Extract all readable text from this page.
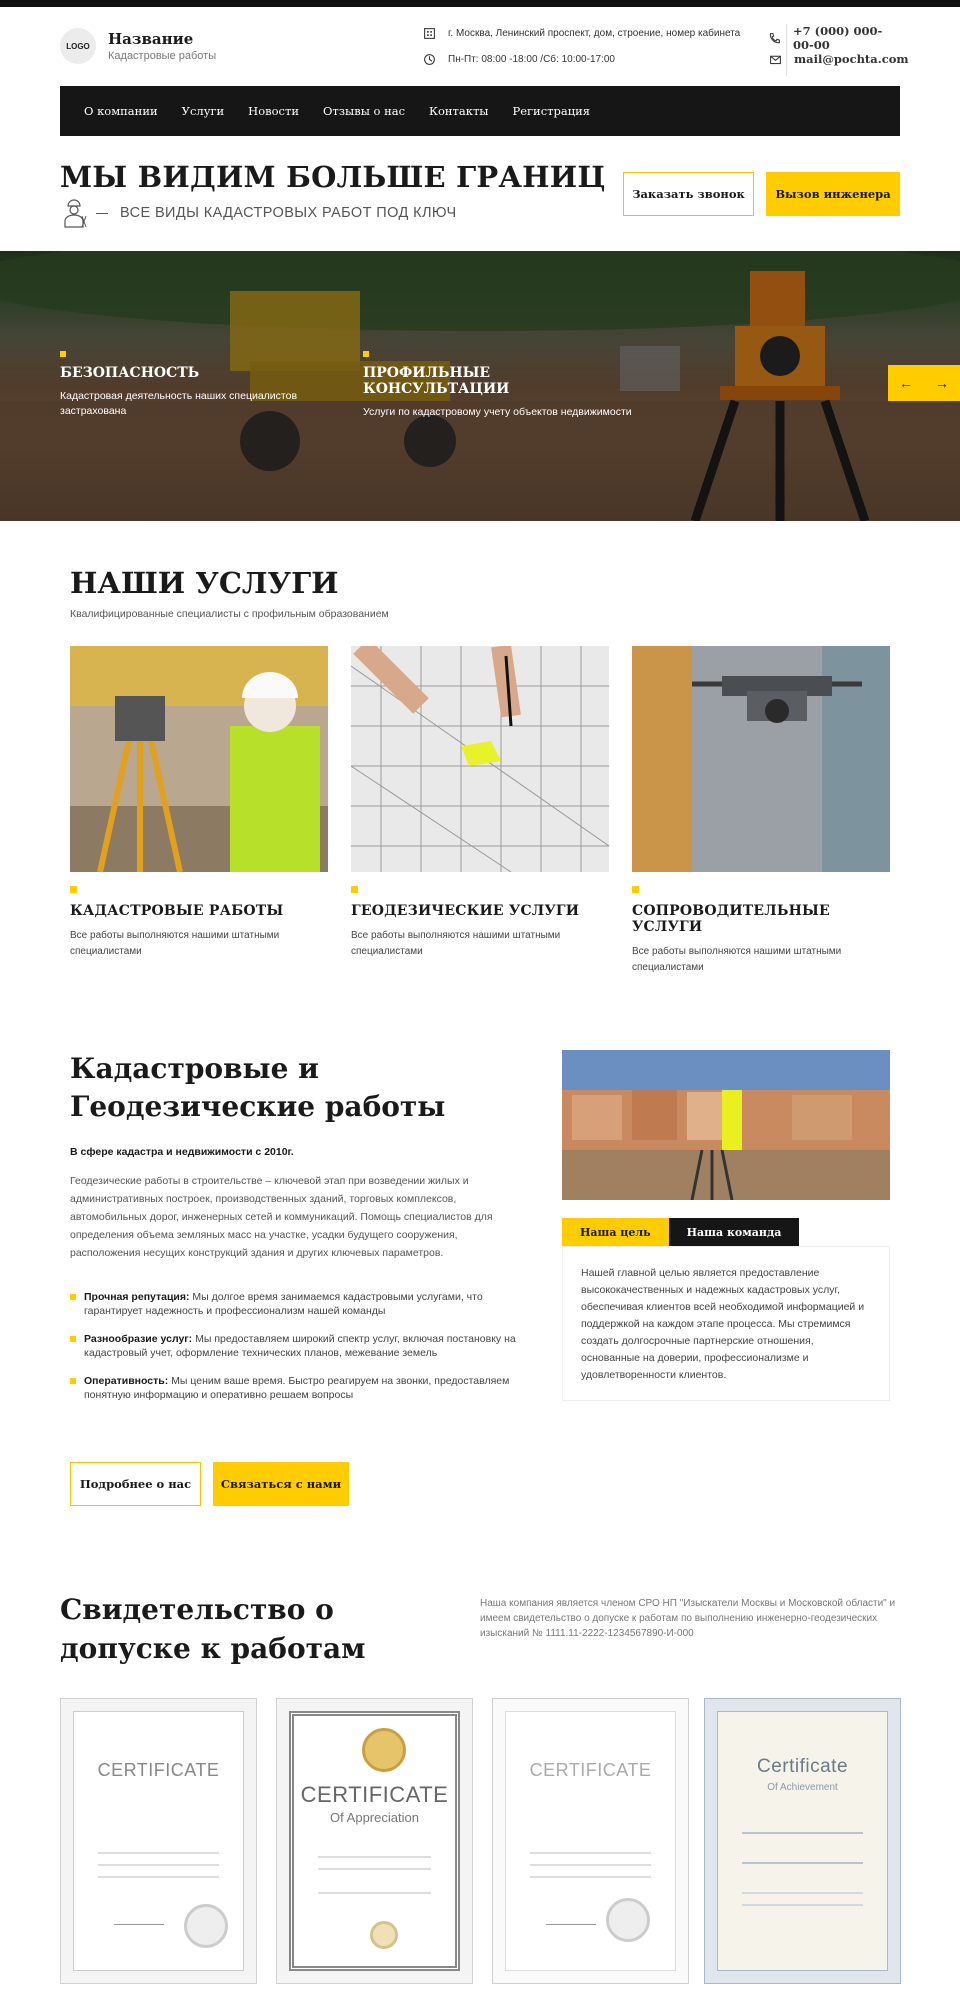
LOGO	Название
Кадастровые работы
г. Москва, Ленинский проспект, дом, строение, номер кабинета
Пн-Пт: 08:00 -18:00 /Сб: 10:00-17:00
+7 (000) 000-00-00
mail@pochta.com
О компании Услуги Новости Отзывы о нас Контакты Регистрация
МЫ ВИДИМ БОЛЬШЕ ГРАНИЦ
ВСЕ ВИДЫ КАДАСТРОВЫХ РАБОТ ПОД КЛЮЧ
Заказать звонок	Вызов инженера
БЕЗОПАСНОСТЬ
Кадастровая деятельность наших специалистов застрахована
ПРОФИЛЬНЫЕ КОНСУЛЬТАЦИИ
Услуги по кадастровому учету объектов недвижимости
← →
НАШИ УСЛУГИ
Квалифицированные специалисты с профильным образованием
КАДАСТРОВЫЕ РАБОТЫ
Все работы выполняются нашими штатными специалистами
ГЕОДЕЗИЧЕСКИЕ УСЛУГИ
Все работы выполняются нашими штатными специалистами
СОПРОВОДИТЕЛЬНЫЕ УСЛУГИ
Все работы выполняются нашими штатными специалистами
Кадастровые и Геодезические работы
В сфере кадастра и недвижимости с 2010г.
Геодезические работы в строительстве – ключевой этап при возведении жилых и административных построек, производственных зданий, торговых комплексов, автомобильных дорог, инженерных сетей и коммуникаций. Помощь специалистов для определения объема земляных масс на участке, усадки будущего сооружения, расположения несущих конструкций здания и других ключевых параметров.
Прочная репутация: Мы долгое время занимаемся кадастровыми услугами, что гарантирует надежность и профессионализм нашей команды
Разнообразие услуг: Мы предоставляем широкий спектр услуг, включая постановку на кадастровый учет, оформление технических планов, межевание земель
Оперативность: Мы ценим ваше время. Быстро реагируем на звонки, предоставляем понятную информацию и оперативно решаем вопросы
Подробнее о нас	Связаться с нами
Наша цель	Наша команда
Нашей главной целью является предоставление высококачественных и надежных кадастровых услуг, обеспечивая клиентов всей необходимой информацией и поддержкой на каждом этапе процесса. Мы стремимся создать долгосрочные партнерские отношения, основанные на доверии, профессионализме и удовлетворенности клиентов.
Свидетельство о допуске к работам
Наша компания является членом СРО НП "Изыскатели Москвы и Московской области" и имеем свидетельство о допуске к работам по выполнению инженерно-геодезических изысканий № 1111.11-2222-1234567890-И-000
CERTIFICATE
CERTIFICATE
Of Appreciation
CERTIFICATE	Certificate
Of Achievement
